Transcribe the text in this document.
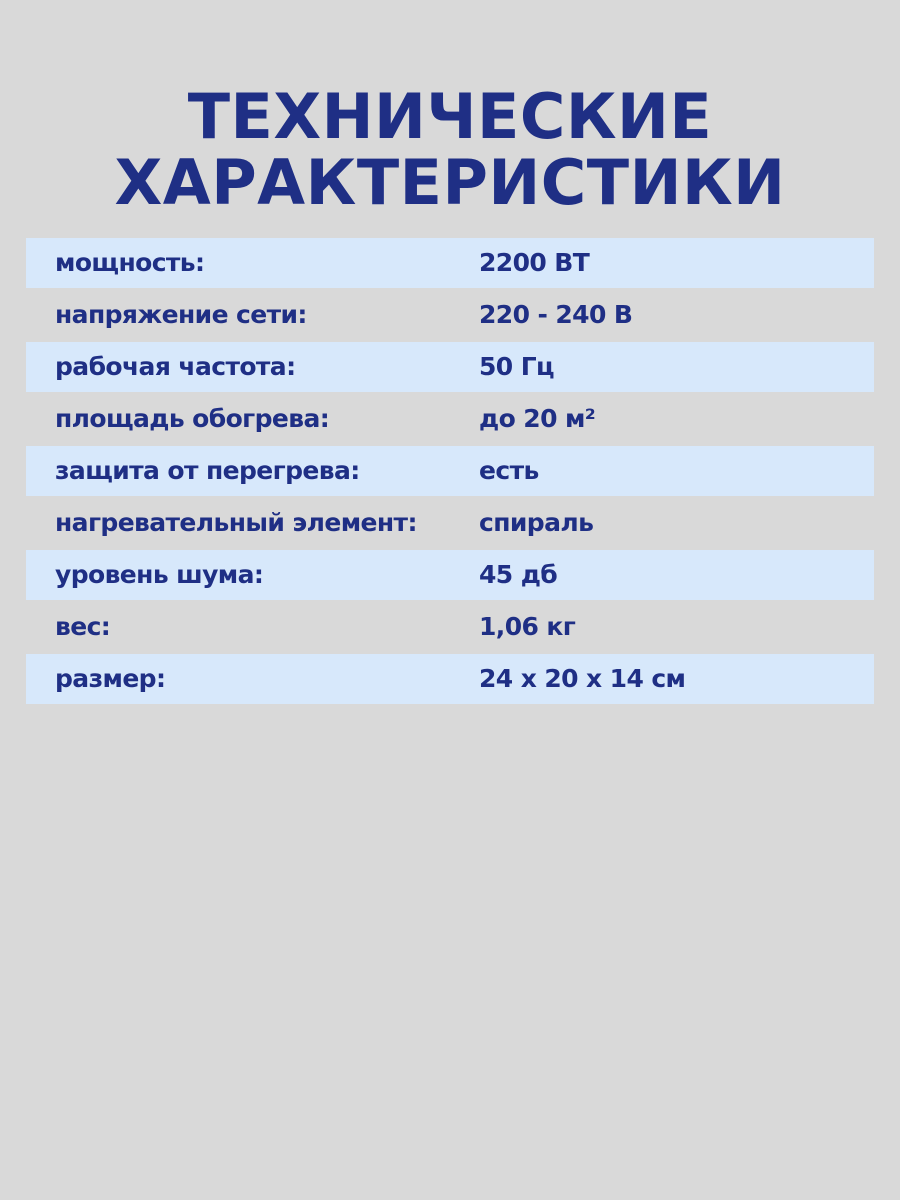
ТЕХНИЧЕСКИЕ
ХАРАКТЕРИСТИКИ
мощность:	2200 ВТ
напряжение сети:	220 - 240 В
рабочая частота:	50 Гц
площадь обогрева:	до 20 м²
защита от перегрева:	есть
нагревательный элемент: спираль
уровень шума:	45 дб
вес:	1,06 кг
размер:	24 х 20 х 14 см
